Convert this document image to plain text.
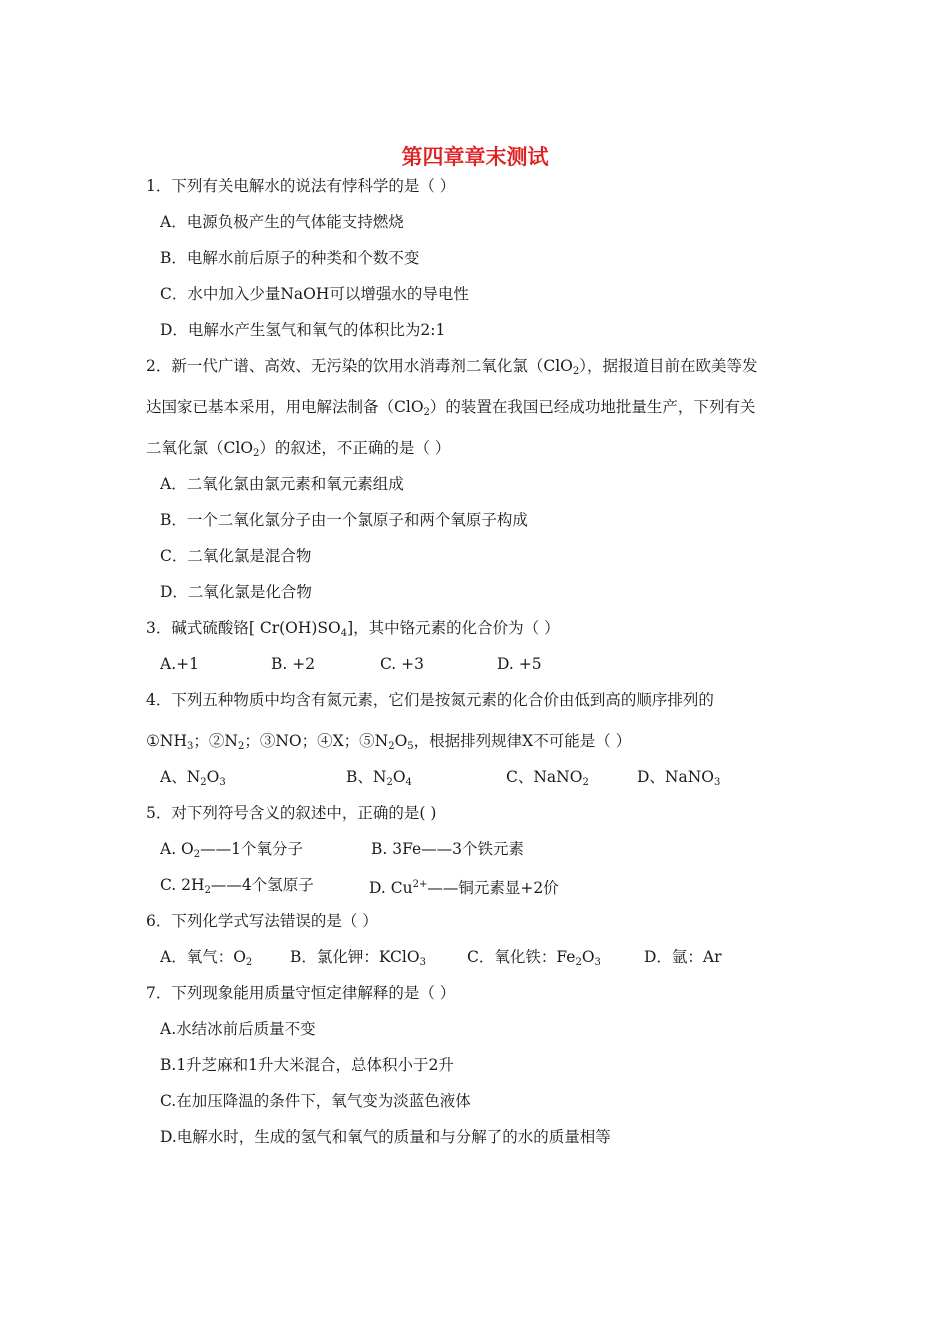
第四章章末测试
1．下列有关电解水的说法有悖科学的是（ ）
A．电源负极产生的气体能支持燃烧
B．电解水前后原子的种类和个数不变
C．水中加入少量NaOH可以增强水的导电性
D．电解水产生氢气和氧气的体积比为2:1
2．新一代广谱、高效、无污染的饮用水消毒剂二氧化氯（ClO$_2$），据报道目前在欧美等发
达国家已基本采用，用电解法制备（ClO$_2$）的装置在我国已经成功地批量生产，下列有关
二氧化氯（ClO$_2$）的叙述，不正确的是（ ）
A．二氧化氯由氯元素和氧元素组成
B．一个二氧化氯分子由一个氯原子和两个氧原子构成
C．二氧化氯是混合物
D．二氧化氯是化合物
3．碱式硫酸铬[ $Cr(OH)SO_4$]，其中铬元素的化合价为（ ）
A.+1	B. +2	C. +3	D. +5
4．下列五种物质中均含有氮元素，它们是按氮元素的化合价由低到高的顺序排列的
$①NH_3$；$②N_2$；③NO；④X；$⑤N_2O_5$，根据排列规律X不可能是（ ）
A、$N_2O_3$	B、$N_2O_4$	C、NaNO$_2$	D、NaNO$_3$
5．对下列符号含义的叙述中，正确的是( )
A. $O_2——1$个氧分子	B. 3Fe——3个铁元素
C. $2H_2——4$个氢原子	D. $Cu^{2+}——$铜元素显+2价
6．下列化学式写法错误的是（ ）
A．氧气：$O_2$ B．氯化钾：KClO$_3$	C．氧化铁：$Fe_2O_3$	D．氩：Ar
7．下列现象能用质量守恒定律解释的是（ ）
A.水结冰前后质量不变
B.1升芝麻和1升大米混合，总体积小于2升
C.在加压降温的条件下，氧气变为淡蓝色液体
D.电解水时，生成的氢气和氧气的质量和与分解了的水的质量相等
